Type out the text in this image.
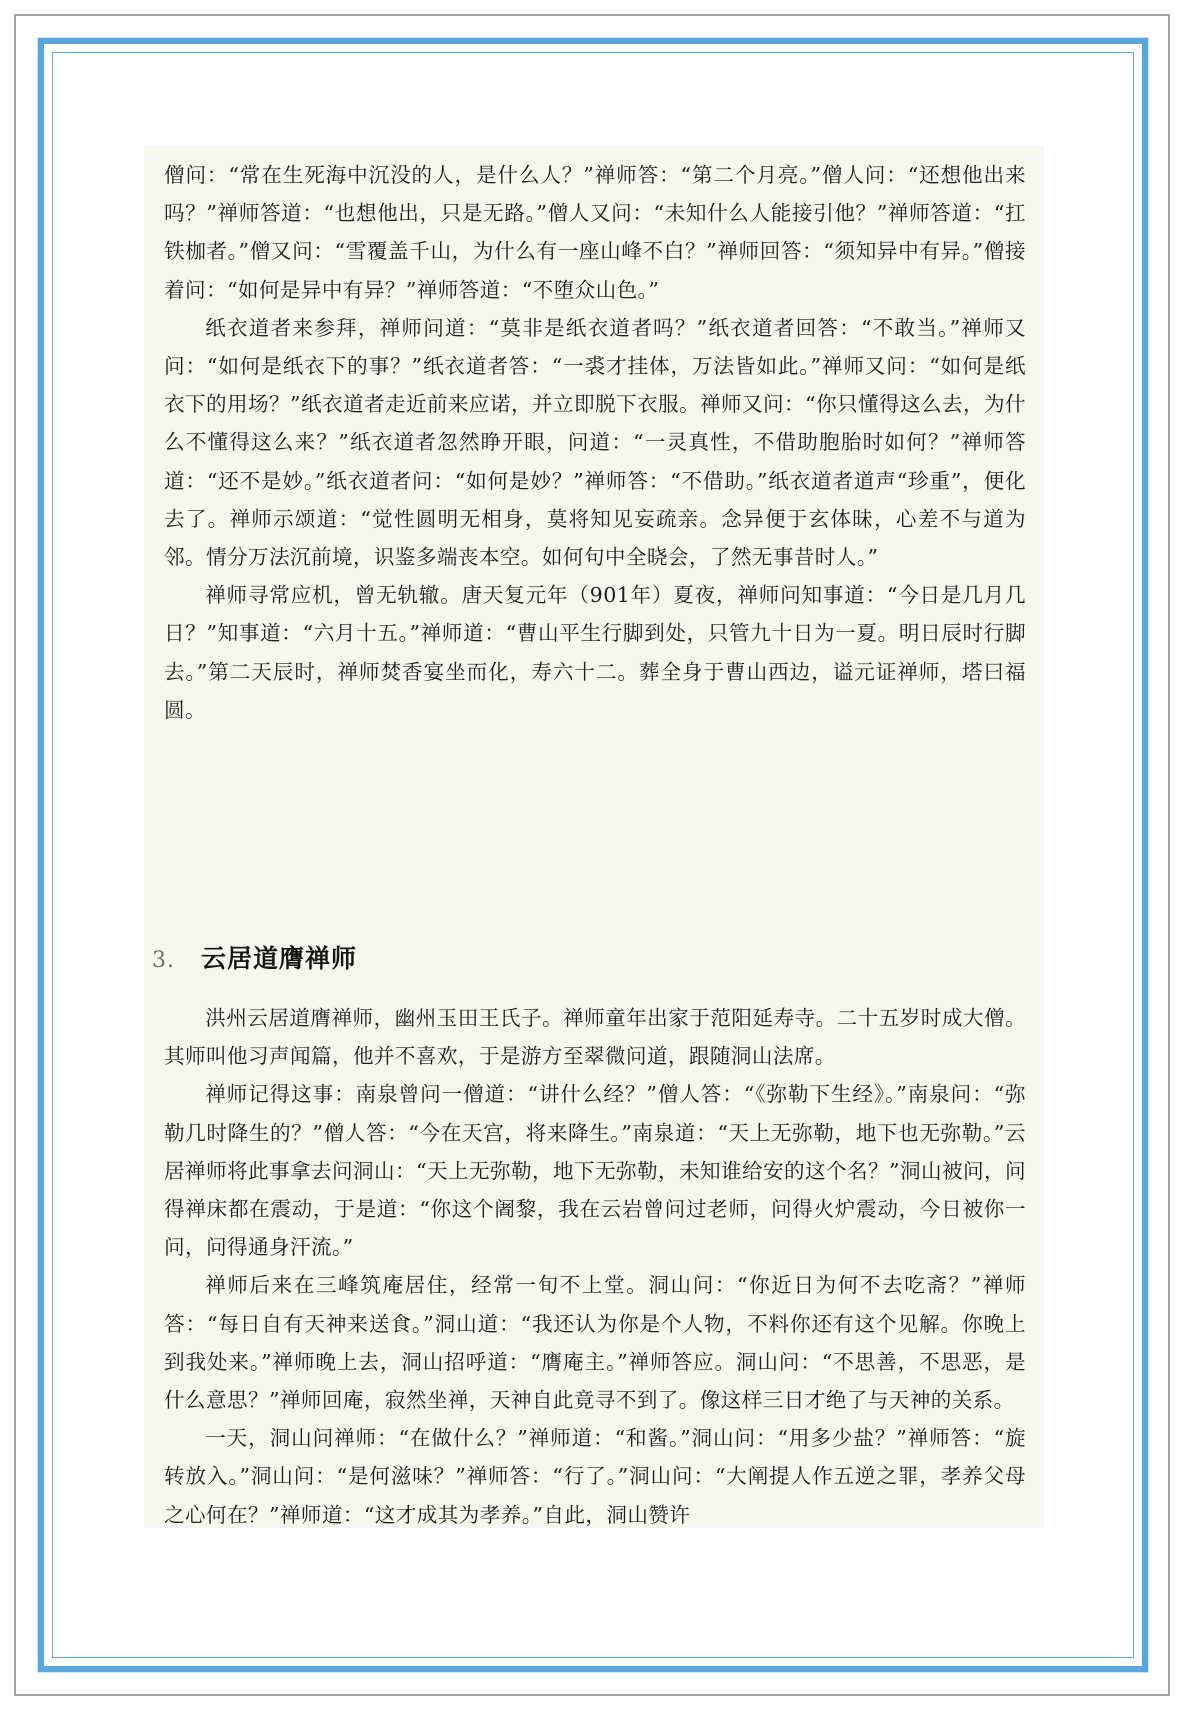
僧问：“常在生死海中沉没的人，是什么人？”禅师答：“第二个月亮。”僧人问：“还想他出来吗？”禅师答道：“也想他出，只是无路。”僧人又问：“未知什么人能接引他？”禅师答道：“扛铁枷者。”僧又问：“雪覆盖千山，为什么有一座山峰不白？”禅师回答：“须知异中有异。”僧接着问：“如何是异中有异？”禅师答道：“不堕众山色。”

纸衣道者来参拜，禅师问道：“莫非是纸衣道者吗？”纸衣道者回答：“不敢当。”禅师又问：“如何是纸衣下的事？”纸衣道者答：“一裘才挂体，万法皆如此。”禅师又问：“如何是纸衣下的用场？”纸衣道者走近前来应诺，并立即脱下衣服。禅师又问：“你只懂得这么去，为什么不懂得这么来？”纸衣道者忽然睁开眼，问道：“一灵真性，不借助胞胎时如何？”禅师答道：“还不是妙。”纸衣道者问：“如何是妙？”禅师答：“不借助。”纸衣道者道声“珍重”，便化去了。禅师示颂道：“觉性圆明无相身，莫将知见妄疏亲。念异便于玄体昧，心差不与道为邻。情分万法沉前境，识鉴多端丧本空。如何句中全晓会，了然无事昔时人。”

禅师寻常应机，曾无轨辙。唐天复元年（901年）夏夜，禅师问知事道：“今日是几月几日？”知事道：“六月十五。”禅师道：“曹山平生行脚到处，只管九十日为一夏。明日辰时行脚去。”第二天辰时，禅师焚香宴坐而化，寿六十二。葬全身于曹山西边，谥元证禅师，塔曰福圆。

3. 云居道膺禅师

洪州云居道膺禅师，幽州玉田王氏子。禅师童年出家于范阳延寿寺。二十五岁时成大僧。其师叫他习声闻篇，他并不喜欢，于是游方至翠微问道，跟随洞山法席。

禅师记得这事：南泉曾问一僧道：“讲什么经？”僧人答：“《弥勒下生经》。”南泉问：“弥勒几时降生的？”僧人答：“今在天宫，将来降生。”南泉道：“天上无弥勒，地下也无弥勒。”云居禅师将此事拿去问洞山：“天上无弥勒，地下无弥勒，未知谁给安的这个名？”洞山被问，问得禅床都在震动，于是道：“你这个阇黎，我在云岩曾问过老师，问得火炉震动，今日被你一问，问得通身汗流。”

禅师后来在三峰筑庵居住，经常一旬不上堂。洞山问：“你近日为何不去吃斋？”禅师答：“每日自有天神来送食。”洞山道：“我还认为你是个人物，不料你还有这个见解。你晚上到我处来。”禅师晚上去，洞山招呼道：“膺庵主。”禅师答应。洞山问：“不思善，不思恶，是什么意思？”禅师回庵，寂然坐禅，天神自此竟寻不到了。像这样三日才绝了与天神的关系。

一天，洞山问禅师：“在做什么？”禅师道：“和酱。”洞山问：“用多少盐？”禅师答：“旋转放入。”洞山问：“是何滋味？”禅师答：“行了。”洞山问：“大阐提人作五逆之罪，孝养父母之心何在？”禅师道：“这才成其为孝养。”自此，洞山赞许
